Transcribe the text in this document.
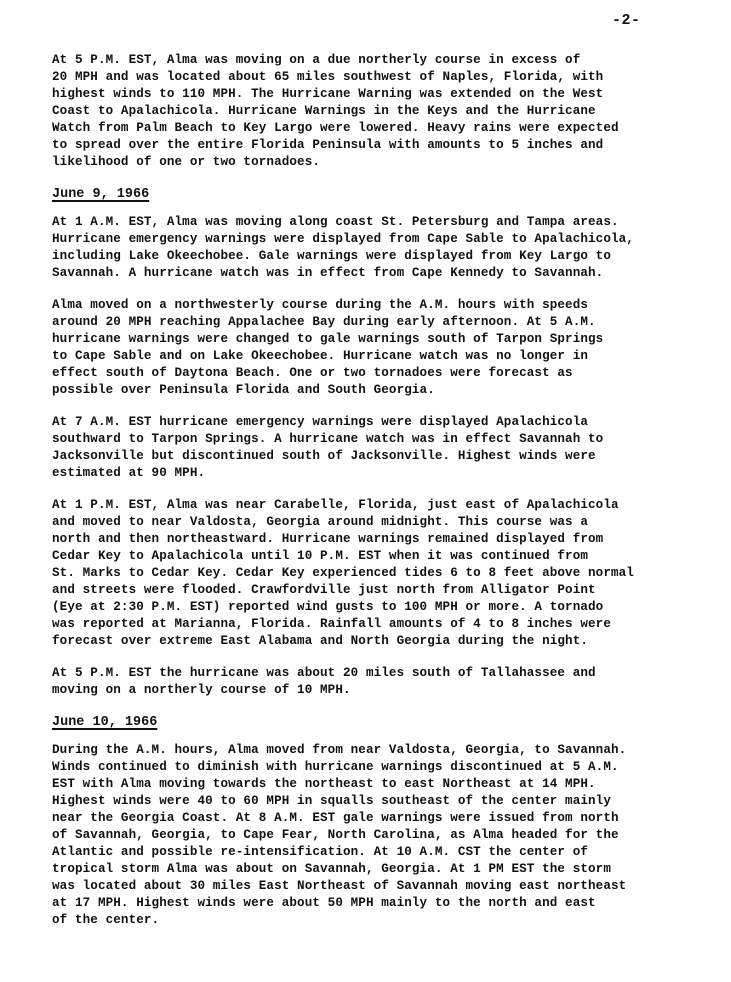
-2-

At 5 P.M. EST, Alma was moving on a due northerly course in excess of
20 MPH and was located about 65 miles southwest of Naples, Florida, with
highest winds to 110 MPH. The Hurricane Warning was extended on the West
Coast to Apalachicola. Hurricane Warnings in the Keys and the Hurricane
Watch from Palm Beach to Key Largo were lowered. Heavy rains were expected
to spread over the entire Florida Peninsula with amounts to 5 inches and
likelihood of one or two tornadoes.

June 9, 1966

At 1 A.M. EST, Alma was moving along coast St. Petersburg and Tampa areas.
Hurricane emergency warnings were displayed from Cape Sable to Apalachicola,
including Lake Okeechobee. Gale warnings were displayed from Key Largo to
Savannah. A hurricane watch was in effect from Cape Kennedy to Savannah.

Alma moved on a northwesterly course during the A.M. hours with speeds
around 20 MPH reaching Appalachee Bay during early afternoon. At 5 A.M.
hurricane warnings were changed to gale warnings south of Tarpon Springs
to Cape Sable and on Lake Okeechobee. Hurricane watch was no longer in
effect south of Daytona Beach. One or two tornadoes were forecast as
possible over Peninsula Florida and South Georgia.

At 7 A.M. EST hurricane emergency warnings were displayed Apalachicola
southward to Tarpon Springs. A hurricane watch was in effect Savannah to
Jacksonville but discontinued south of Jacksonville. Highest winds were
estimated at 90 MPH.

At 1 P.M. EST, Alma was near Carabelle, Florida, just east of Apalachicola
and moved to near Valdosta, Georgia around midnight. This course was a
north and then northeastward. Hurricane warnings remained displayed from
Cedar Key to Apalachicola until 10 P.M. EST when it was continued from
St. Marks to Cedar Key. Cedar Key experienced tides 6 to 8 feet above normal
and streets were flooded. Crawfordville just north from Alligator Point
(Eye at 2:30 P.M. EST) reported wind gusts to 100 MPH or more. A tornado
was reported at Marianna, Florida. Rainfall amounts of 4 to 8 inches were
forecast over extreme East Alabama and North Georgia during the night.

At 5 P.M. EST the hurricane was about 20 miles south of Tallahassee and
moving on a northerly course of 10 MPH.

June 10, 1966

During the A.M. hours, Alma moved from near Valdosta, Georgia, to Savannah.
Winds continued to diminish with hurricane warnings discontinued at 5 A.M.
EST with Alma moving towards the northeast to east Northeast at 14 MPH.
Highest winds were 40 to 60 MPH in squalls southeast of the center mainly
near the Georgia Coast. At 8 A.M. EST gale warnings were issued from north
of Savannah, Georgia, to Cape Fear, North Carolina, as Alma headed for the
Atlantic and possible re-intensification. At 10 A.M. CST the center of
tropical storm Alma was about on Savannah, Georgia. At 1 PM EST the storm
was located about 30 miles East Northeast of Savannah moving east northeast
at 17 MPH. Highest winds were about 50 MPH mainly to the north and east
of the center.
